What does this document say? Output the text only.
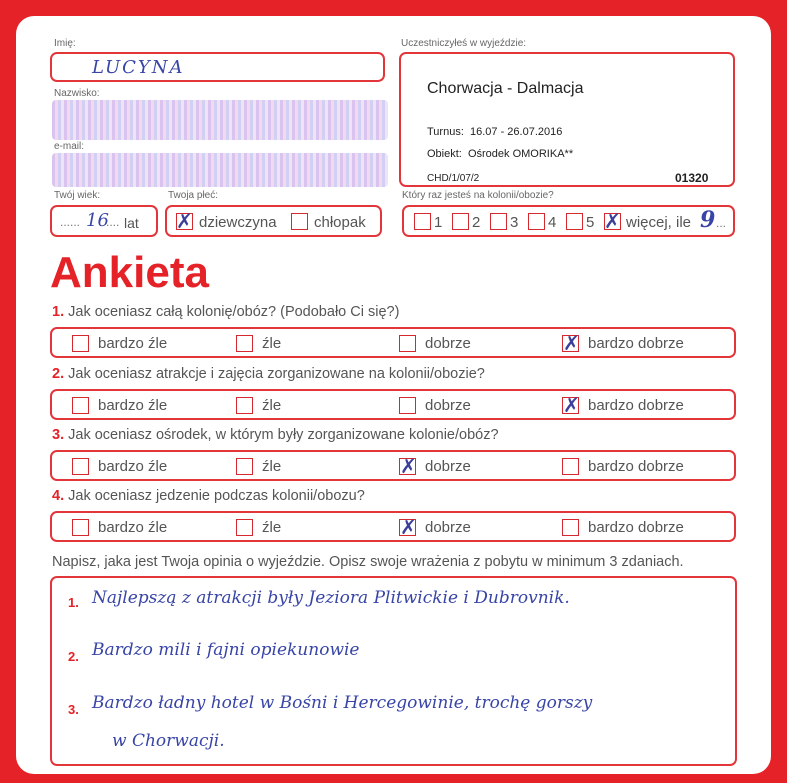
Imię:
LUCYNA
Nazwisko:
e-mail:
Twój wiek:
...... 16
.... lat
Twoja płeć:
✗ dziewczyna chłopak
Uczestniczyłeś w wyjeździe:
Chorwacja - Dalmacja
Turnus:  16.07 - 26.07.2016
Obiekt:  Ośrodek OMORIKA**
CHD/1/07/2	01320
Który raz jesteś na kolonii/obozie?
1 2 3 4 5 ✗ więcej, ile 9 ...
Ankieta
1. Jak oceniasz całą kolonię/obóz? (Podobało Ci się?)
bardzo źle	źle	dobrze	✗ bardzo dobrze
2. Jak oceniasz atrakcje i zajęcia zorganizowane na kolonii/obozie?
bardzo źle	źle	dobrze	✗ bardzo dobrze
3. Jak oceniasz ośrodek, w którym były zorganizowane kolonie/obóz?
bardzo źle	źle	✗ dobrze	bardzo dobrze
4. Jak oceniasz jedzenie podczas kolonii/obozu?
bardzo źle	źle	✗ dobrze	bardzo dobrze
Napisz, jaka jest Twoja opinia o wyjeździe. Opisz swoje wrażenia z pobytu w minimum 3 zdaniach.
1. Najlepszą z atrakcji były Jeziora Plitwickie i Dubrovnik.
2. Bardzo mili i fajni opiekunowie
3. Bardzo ładny hotel w Bośni i Hercegowinie, trochę gorszy
w Chorwacji.
